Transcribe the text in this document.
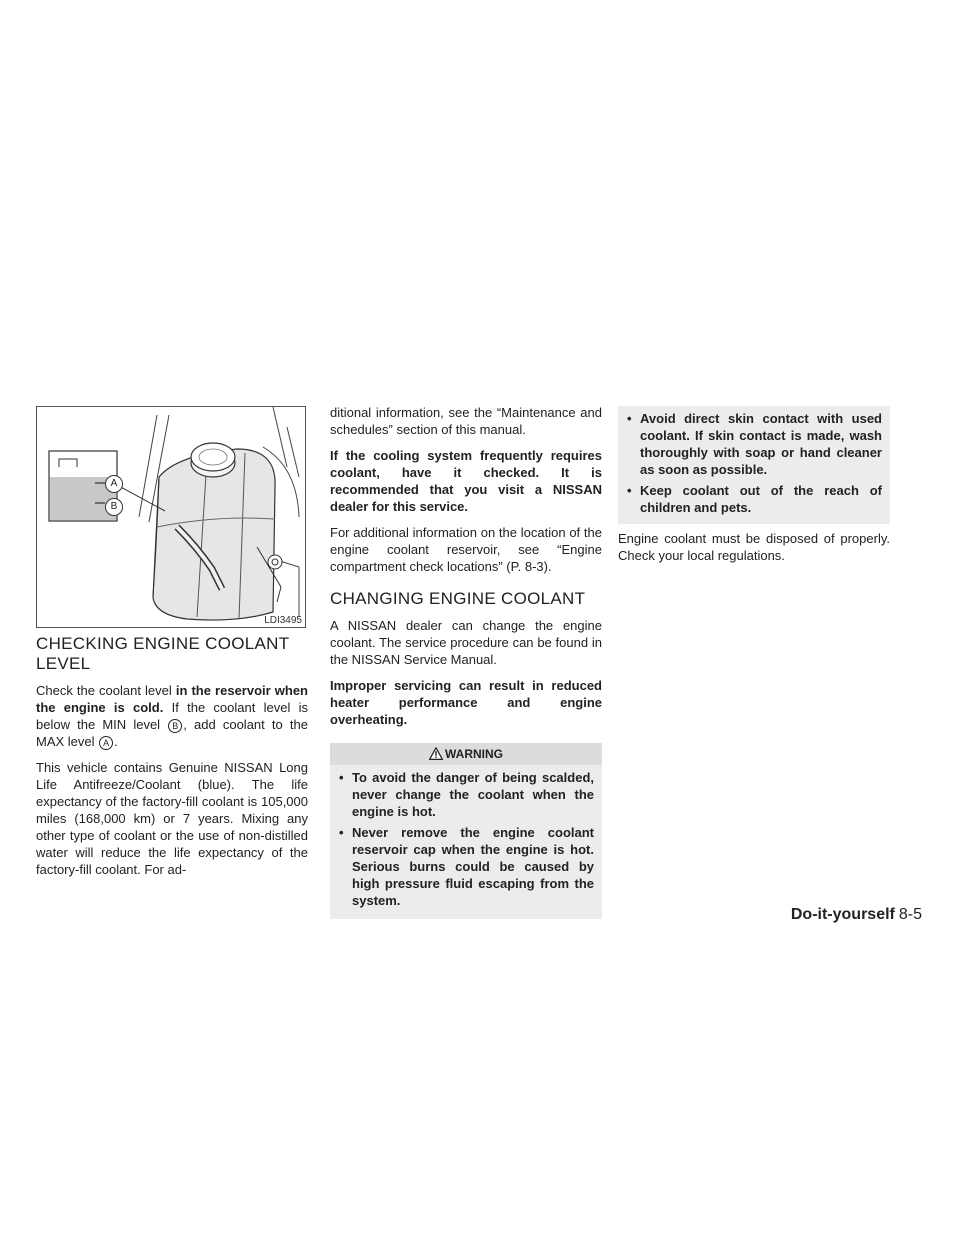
A
B
LDI3495
CHECKING ENGINE COOLANT LEVEL

Check the coolant level in the reservoir when the engine is cold. If the coolant level is below the MIN level B , add coolant to the MAX level A .

This vehicle contains Genuine NISSAN Long Life Antifreeze/Coolant (blue). The life expectancy of the factory-fill coolant is 105,000 miles (168,000 km) or 7 years. Mixing any other type of coolant or the use of non-distilled water will reduce the life expectancy of the factory-fill coolant. For ad-

ditional information, see the “Maintenance and schedules” section of this manual.

If the cooling system frequently requires coolant, have it checked. It is recommended that you visit a NISSAN dealer for this service.

For additional information on the location of the engine coolant reservoir, see “Engine compartment check locations” (P. 8-3).

CHANGING ENGINE COOLANT

A NISSAN dealer can change the engine coolant. The service procedure can be found in the NISSAN Service Manual.

Improper servicing can result in reduced heater performance and engine overheating.

WARNING
• To avoid the danger of being scalded, never change the coolant when the engine is hot.
• Never remove the engine coolant reservoir cap when the engine is hot. Serious burns could be caused by high pressure fluid escaping from the system.
• Avoid direct skin contact with used coolant. If skin contact is made, wash thoroughly with soap or hand cleaner as soon as possible.
• Keep coolant out of the reach of children and pets.

Engine coolant must be disposed of properly. Check your local regulations.

Do-it-yourself 8-5
